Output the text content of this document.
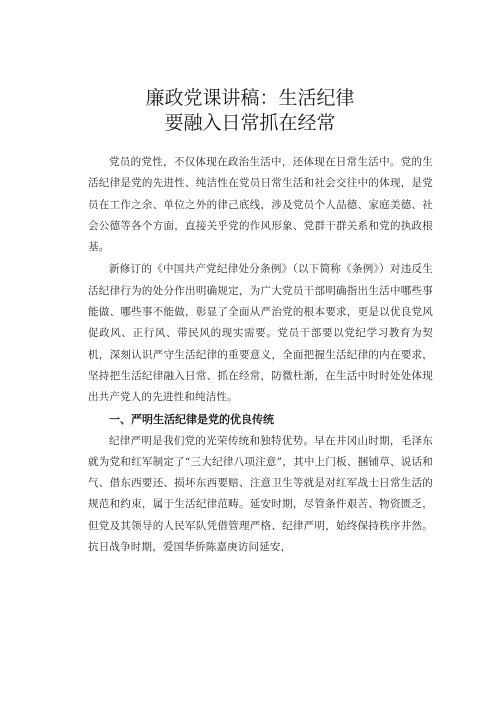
廉政党课讲稿：生活纪律
要融入日常抓在经常

党员的党性，不仅体现在政治生活中，还体现在日常生活中。党的生活纪律是党的先进性、纯洁性在党员日常生活和社会交往中的体现，是党员在工作之余、单位之外的律己底线，涉及党员个人品德、家庭美德、社会公德等各个方面，直接关乎党的作风形象、党群干群关系和党的执政根基。

新修订的《中国共产党纪律处分条例》（以下简称《条例》）对违反生活纪律行为的处分作出明确规定，为广大党员干部明确指出生活中哪些事能做、哪些事不能做，彰显了全面从严治党的根本要求，更是以优良党风促政风、正行风、带民风的现实需要。党员干部要以党纪学习教育为契机，深刻认识严守生活纪律的重要意义，全面把握生活纪律的内在要求，坚持把生活纪律融入日常、抓在经常，防微杜渐，在生活中时时处处体现出共产党人的先进性和纯洁性。

一、严明生活纪律是党的优良传统

纪律严明是我们党的光荣传统和独特优势。早在井冈山时期，毛泽东就为党和红军制定了“三大纪律八项注意”，其中上门板、捆铺草、说话和气、借东西要还、损坏东西要赔、注意卫生等就是对红军战士日常生活的规范和约束，属于生活纪律范畴。延安时期，尽管条件艰苦、物资匮乏，但党及其领导的人民军队凭借管理严格、纪律严明，始终保持秩序井然。抗日战争时期，爱国华侨陈嘉庚访问延安，
